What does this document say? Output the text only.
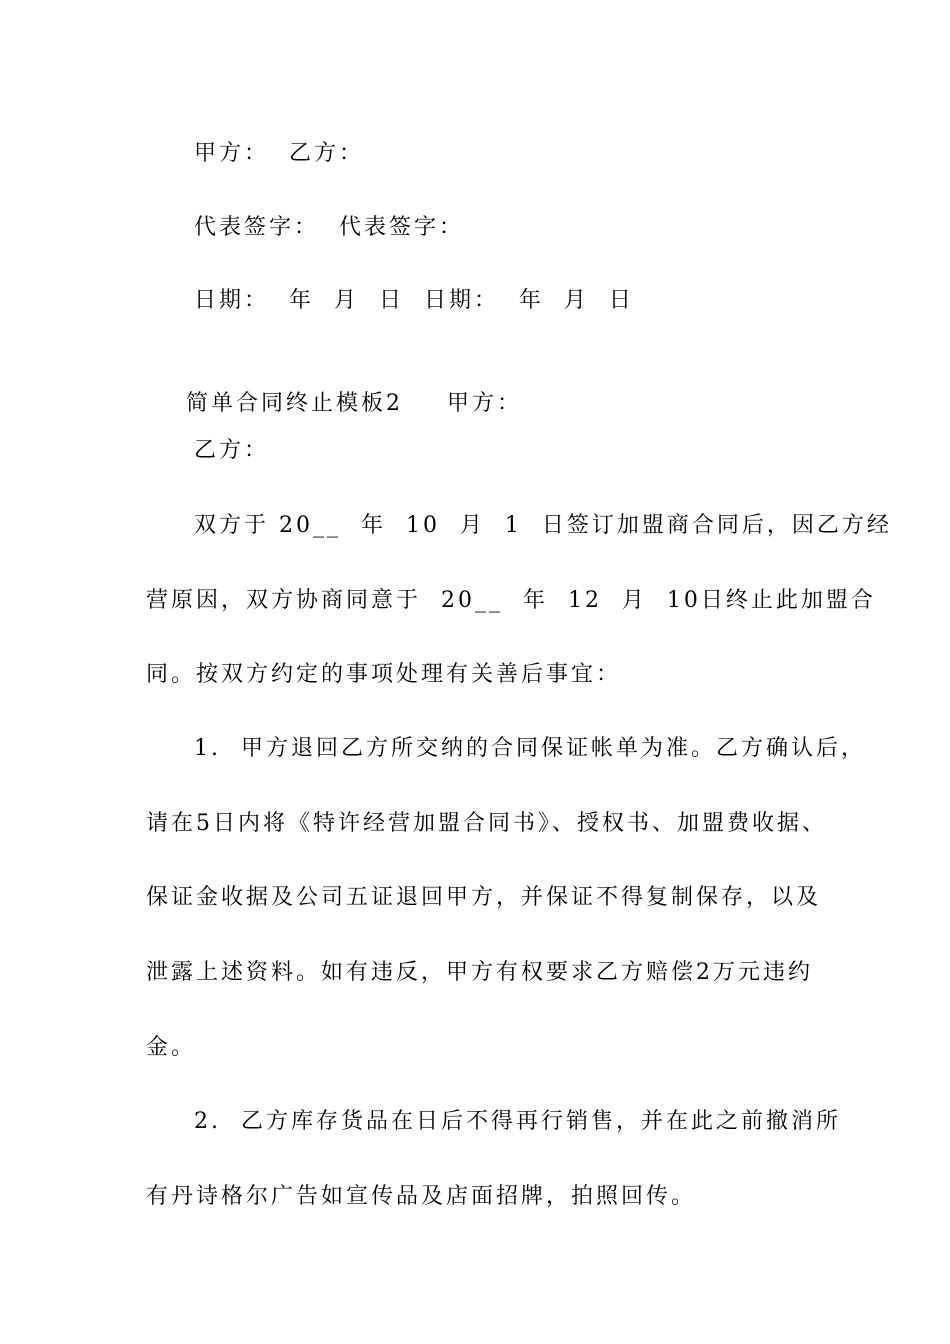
甲方：  乙方：
代表签字：  代表签字：
日期：  年  月  日  日期：  年  月  日

简单合同终止模板2 甲方：

乙方：
双方于 20__  年  10  月  1  日签订加盟商合同后，因乙方经
营原因，双方协商同意于  20__  年  12  月  10日终止此加盟合
同。按双方约定的事项处理有关善后事宜：
1.  甲方退回乙方所交纳的合同保证帐单为准。乙方确认后，
请在5日内将《特许经营加盟合同书》、授权书、加盟费收据、
保证金收据及公司五证退回甲方，并保证不得复制保存，以及
泄露上述资料。如有违反，甲方有权要求乙方赔偿2万元违约
金。
2.  乙方库存货品在日后不得再行销售，并在此之前撤消所
有丹诗格尔广告如宣传品及店面招牌，拍照回传。
